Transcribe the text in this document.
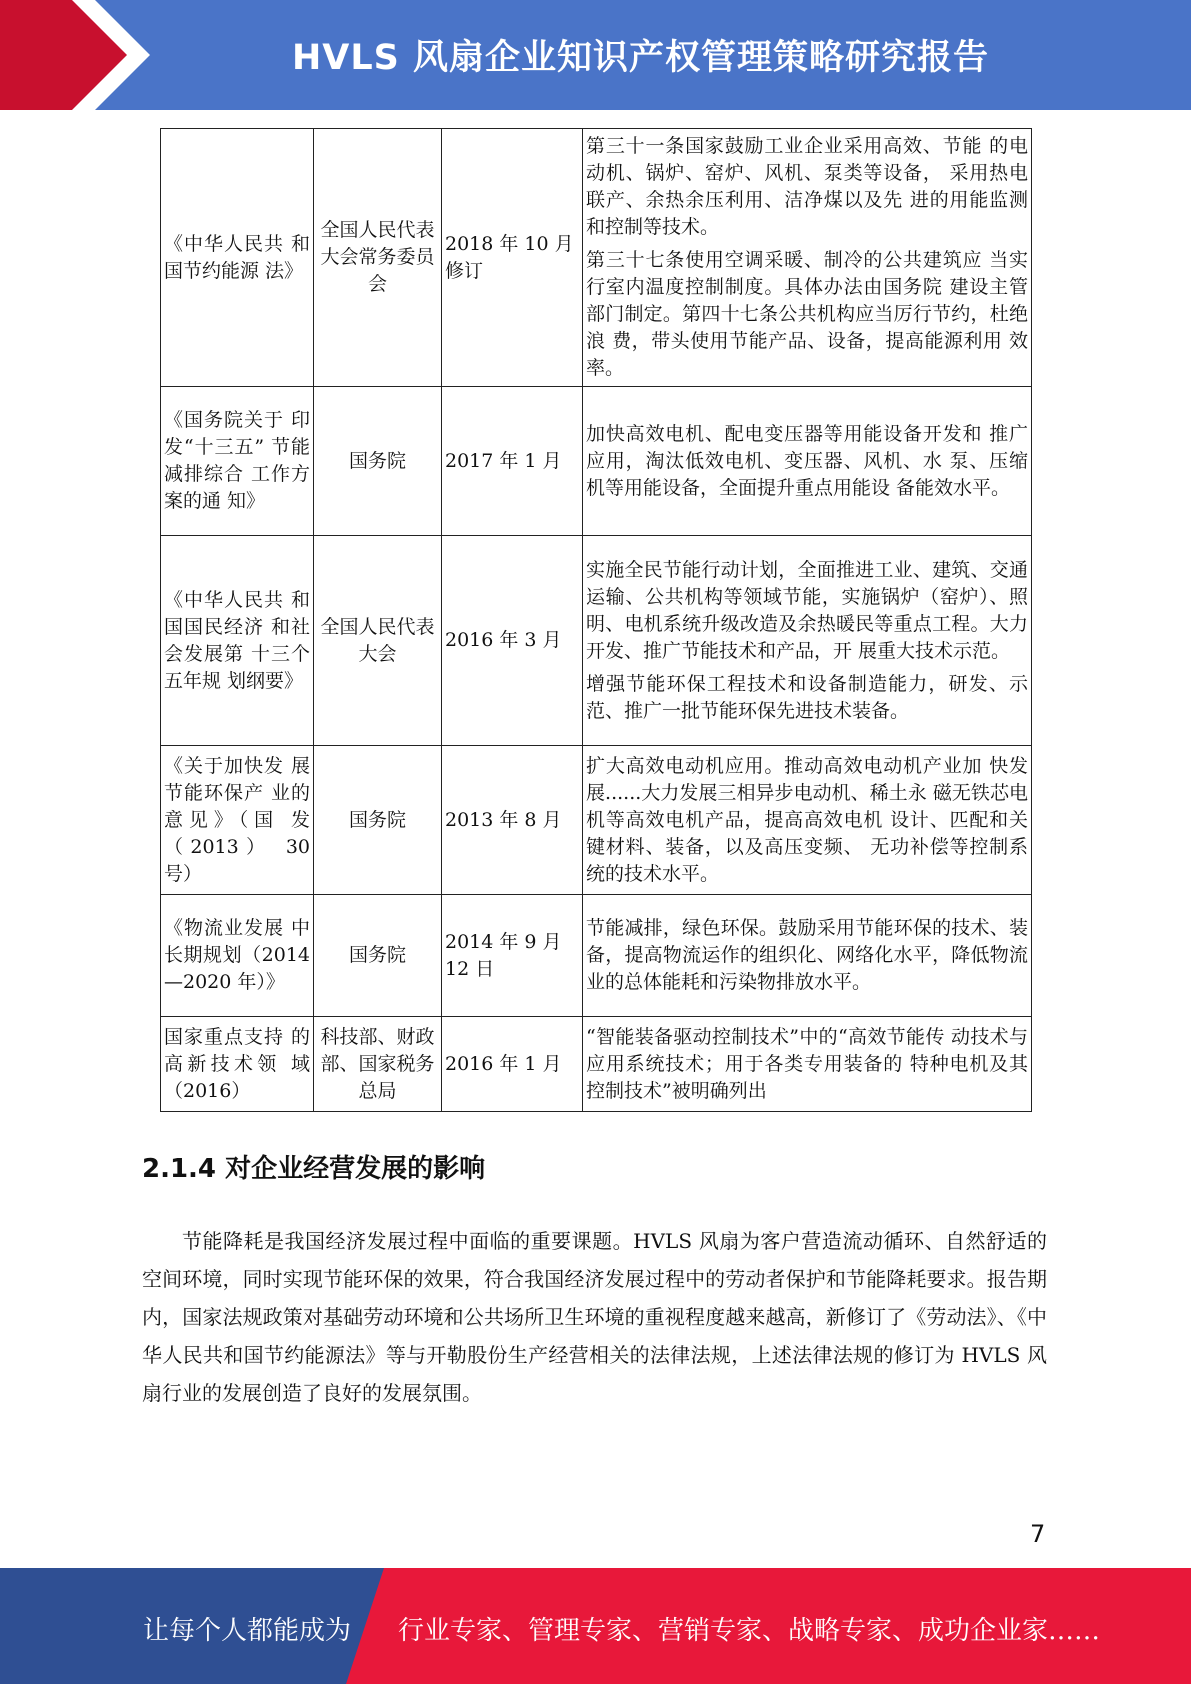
HVLS 风扇企业知识产权管理策略研究报告
《中华人民共 和国节约能源 法》	全国人民代表大会常务委员会	2018 年 10 月修订	第三十一条国家鼓励工业企业采用高效、节能 的电动机、锅炉、窑炉、风机、泵类等设备， 采用热电联产、余热余压利用、洁净煤以及先 进的用能监测和控制等技术。

第三十七条使用空调采暖、制冷的公共建筑应 当实行室内温度控制制度。具体办法由国务院 建设主管部门制定。第四十七条公共机构应当厉行节约，杜绝浪 费，带头使用节能产品、设备，提高能源利用 效率。

《国务院关于 印发“十三五” 节能减排综合 工作方案的通 知》	国务院	2017 年 1 月	加快高效电机、配电变压器等用能设备开发和 推广应用，淘汰低效电机、变压器、风机、水 泵、压缩机等用能设备，全面提升重点用能设 备能效水平。

《中华人民共 和国国民经济 和社会发展第 十三个五年规 划纲要》	全国人民代表大会	2016 年 3 月	实施全民节能行动计划，全面推进工业、建筑、交通运输、公共机构等领域节能，实施锅炉（窑炉）、照明、电机系统升级改造及余热暖民等重点工程。大力开发、推广节能技术和产品，开 展重大技术示范。

增强节能环保工程技术和设备制造能力，研发、示范、推广一批节能环保先进技术装备。

《关于加快发 展节能环保产 业的意见》（国 发（2013） 30 号）	国务院	2013 年 8 月	扩大高效电动机应用。推动高效电动机产业加 快发展......大力发展三相异步电动机、稀土永 磁无铁芯电机等高效电机产品，提高高效电机 设计、匹配和关键材料、装备，以及高压变频、 无功补偿等控制系统的技术水平。

《物流业发展 中长期规划（2014—2020 年）》	国务院	2014 年 9 月 12 日	节能减排，绿色环保。鼓励采用节能环保的技术、装备，提高物流运作的组织化、网络化水平，降低物流业的总体能耗和污染物排放水平。

国家重点支持 的高新技术领 域（2016）	科技部、财政部、国家税务总局	2016 年 1 月	“智能装备驱动控制技术”中的“高效节能传 动技术与应用系统技术；用于各类专用装备的 特种电机及其控制技术”被明确列出

2.1.4 对企业经营发展的影响

节能降耗是我国经济发展过程中面临的重要课题。HVLS 风扇为客户营造流动循环、自然舒适的空间环境，同时实现节能环保的效果，符合我国经济发展过程中的劳动者保护和节能降耗要求。报告期内，国家法规政策对基础劳动环境和公共场所卫生环境的重视程度越来越高，新修订了《劳动法》、《中华人民共和国节约能源法》等与开勒股份生产经营相关的法律法规，上述法律法规的修订为 HVLS 风扇行业的发展创造了良好的发展氛围。

7
让每个人都能成为 行业专家、管理专家、营销专家、战略专家、成功企业家……
